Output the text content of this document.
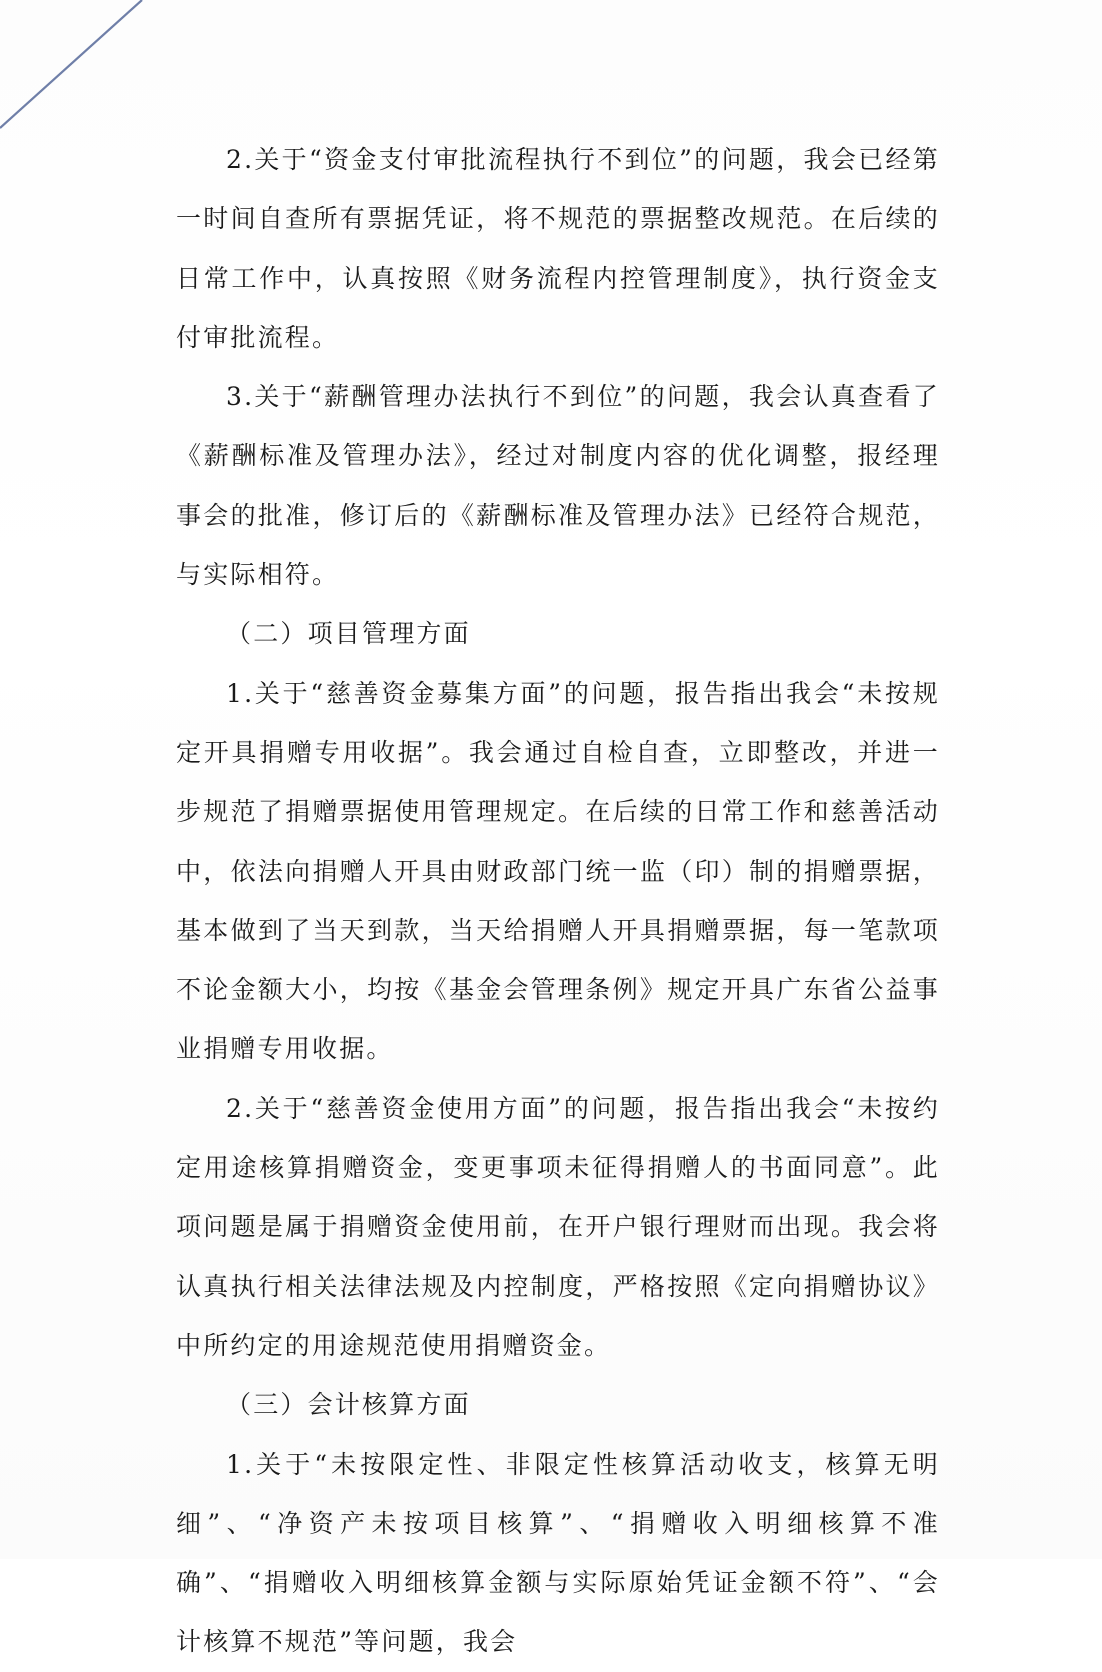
2.关于“资金支付审批流程执行不到位”的问题，我会已经第一时间自查所有票据凭证，将不规范的票据整改规范。在后续的日常工作中，认真按照《财务流程内控管理制度》，执行资金支付审批流程。

3.关于“薪酬管理办法执行不到位”的问题，我会认真查看了《薪酬标准及管理办法》，经过对制度内容的优化调整，报经理事会的批准，修订后的《薪酬标准及管理办法》已经符合规范，与实际相符。

（二）项目管理方面

1.关于“慈善资金募集方面”的问题，报告指出我会“未按规定开具捐赠专用收据”。我会通过自检自查，立即整改，并进一步规范了捐赠票据使用管理规定。在后续的日常工作和慈善活动中，依法向捐赠人开具由财政部门统一监（印）制的捐赠票据，基本做到了当天到款，当天给捐赠人开具捐赠票据，每一笔款项不论金额大小，均按《基金会管理条例》规定开具广东省公益事业捐赠专用收据。

2.关于“慈善资金使用方面”的问题，报告指出我会“未按约定用途核算捐赠资金，变更事项未征得捐赠人的书面同意”。此项问题是属于捐赠资金使用前，在开户银行理财而出现。我会将认真执行相关法律法规及内控制度，严格按照《定向捐赠协议》中所约定的用途规范使用捐赠资金。

（三）会计核算方面

1.关于“未按限定性、非限定性核算活动收支，核算无明细”、“净资产未按项目核算”、“捐赠收入明细核算不准确”、“捐赠收入明细核算金额与实际原始凭证金额不符”、“会计核算不规范”等问题，我会
